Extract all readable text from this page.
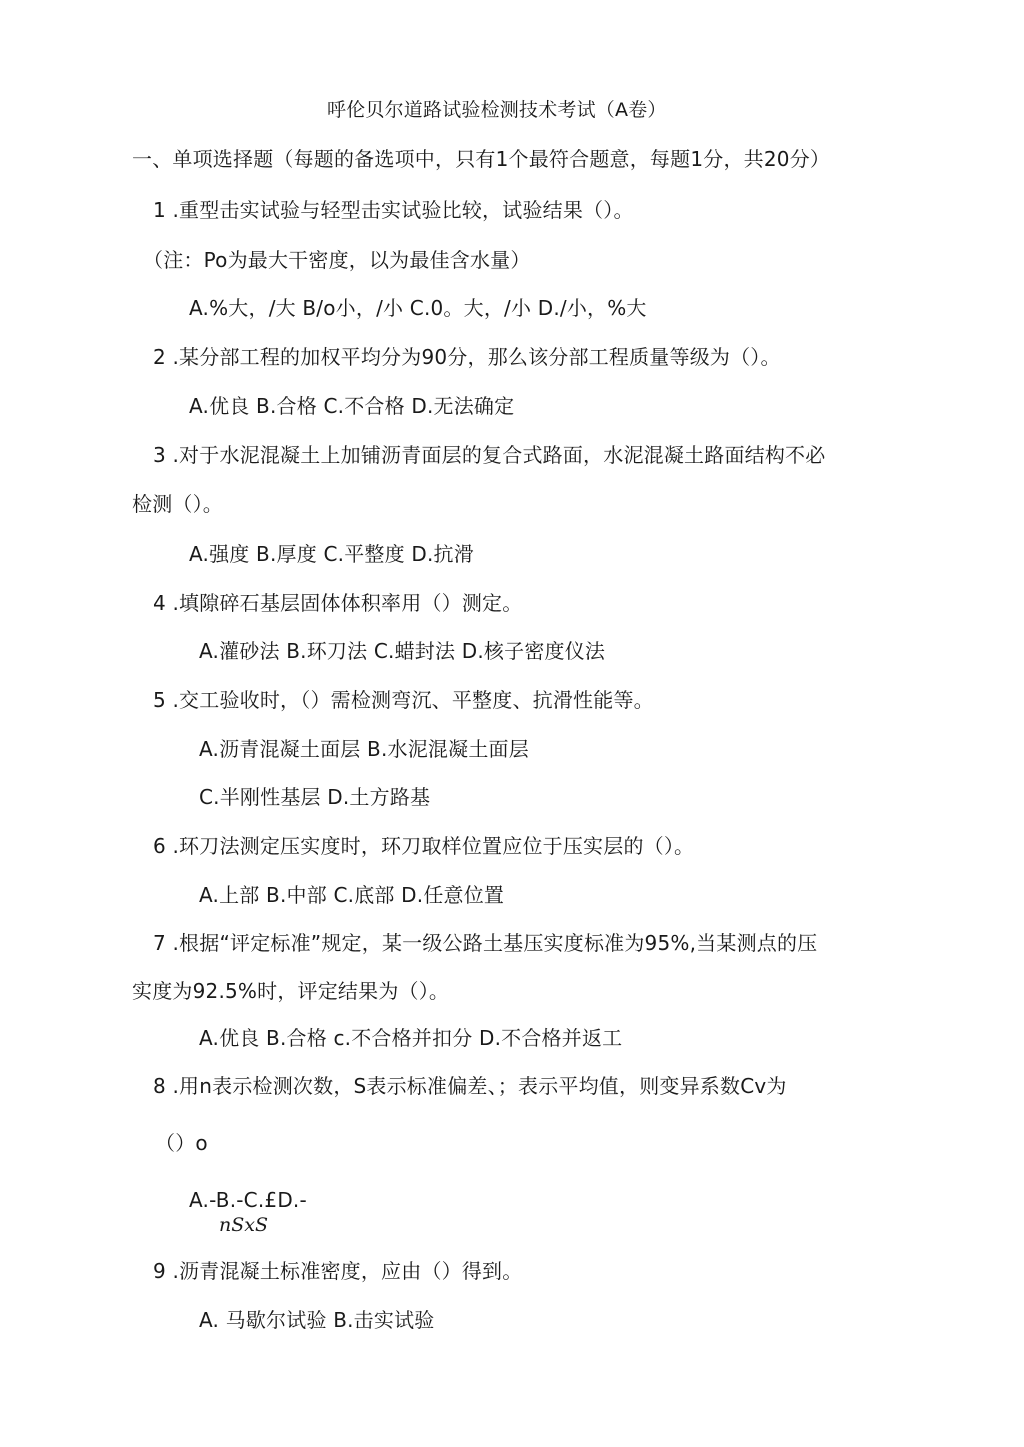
呼伦贝尔道路试验检测技术考试（A卷）
一、单项选择题（每题的备选项中，只有1个最符合题意，每题1分，共20分）
1 .重型击实试验与轻型击实试验比较，试验结果（）。
（注：Po为最大干密度，以为最佳含水量）
A.%大，/大 B/o小，/小 C.0。大，/小 D./小，%大
2 .某分部工程的加权平均分为90分，那么该分部工程质量等级为（）。
A.优良 B.合格 C.不合格 D.无法确定
3 .对于水泥混凝土上加铺沥青面层的复合式路面，水泥混凝土路面结构不必
检测（）。
A.强度 B.厚度 C.平整度 D.抗滑
4 .填隙碎石基层固体体积率用（）测定。
A.灌砂法 B.环刀法 C.蜡封法 D.核子密度仪法
5 .交工验收时，（）需检测弯沉、平整度、抗滑性能等。
A.沥青混凝土面层 B.水泥混凝土面层
C.半刚性基层 D.土方路基
6 .环刀法测定压实度时，环刀取样位置应位于压实层的（）。
A.上部 B.中部 C.底部 D.任意位置
7 .根据“评定标准”规定，某一级公路土基压实度标准为95%,当某测点的压
实度为92.5%时，评定结果为（）。
A.优良 B.合格 c.不合格并扣分 D.不合格并返工
8 .用n表示检测次数，S表示标准偏差、；表示平均值，则变异系数Cv为
（）o
A.-B.-C.£D.-
nSxS
9 .沥青混凝土标准密度，应由（）得到。
A. 马歇尔试验 B.击实试验
